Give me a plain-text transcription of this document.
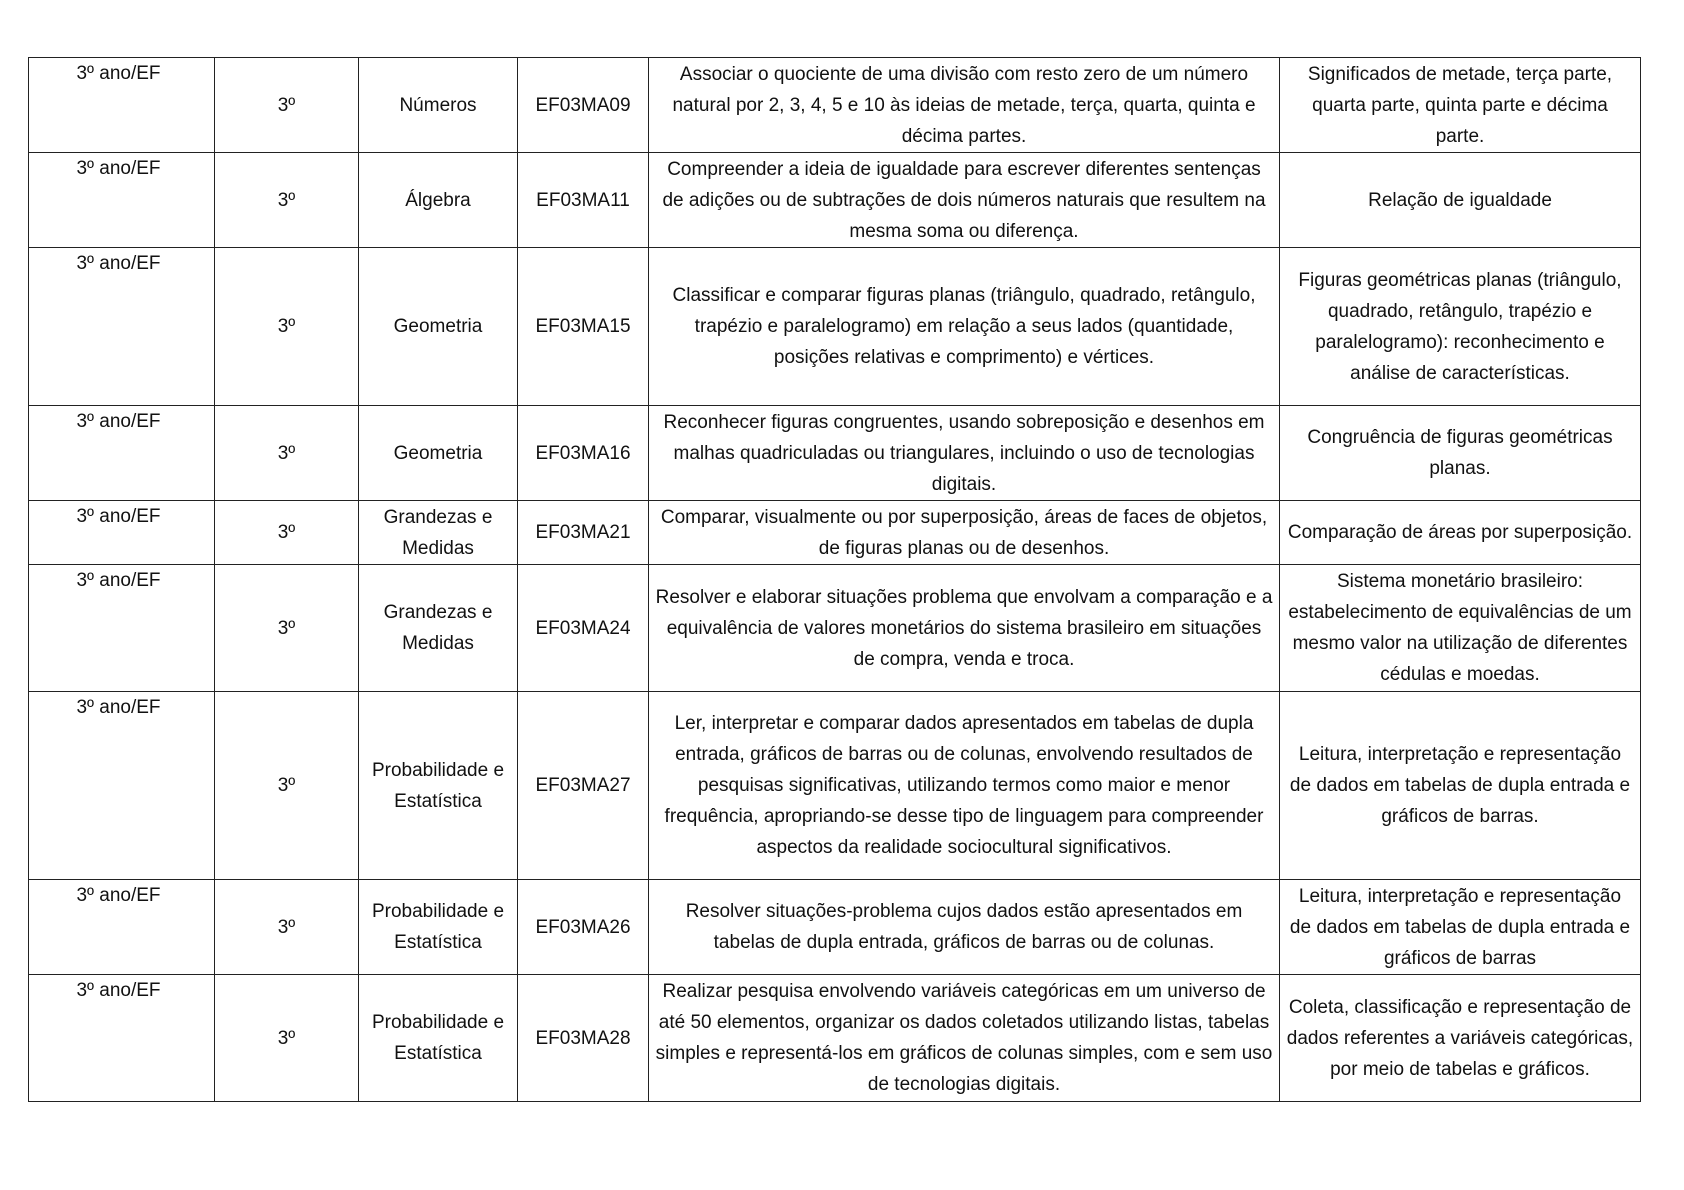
3º ano/EF	3º	Números	EF03MA09	Associar o quociente de uma divisão com resto zero de um número natural por 2, 3, 4, 5 e 10 às ideias de metade, terça, quarta, quinta e décima partes.	Significados de metade, terça parte, quarta parte, quinta parte e décima parte.
3º ano/EF	3º	Álgebra	EF03MA11	Compreender a ideia de igualdade para escrever diferentes sentenças de adições ou de subtrações de dois números naturais que resultem na mesma soma ou diferença.	Relação de igualdade
3º ano/EF	3º	Geometria	EF03MA15	Classificar e comparar figuras planas (triângulo, quadrado, retângulo, trapézio e paralelogramo) em relação a seus lados (quantidade, posições relativas e comprimento) e vértices.	Figuras geométricas planas (triângulo, quadrado, retângulo, trapézio e paralelogramo): reconhecimento e análise de características.
3º ano/EF	3º	Geometria	EF03MA16	Reconhecer figuras congruentes, usando sobreposição e desenhos em malhas quadriculadas ou triangulares, incluindo o uso de tecnologias digitais.	Congruência de figuras geométricas planas.
3º ano/EF	3º	Grandezas e Medidas	EF03MA21	Comparar, visualmente ou por superposição, áreas de faces de objetos, de figuras planas ou de desenhos.	Comparação de áreas por superposição.
3º ano/EF	3º	Grandezas e Medidas	EF03MA24	Resolver e elaborar situações problema que envolvam a comparação e a equivalência de valores monetários do sistema brasileiro em situações de compra, venda e troca.	Sistema monetário brasileiro: estabelecimento de equivalências de um mesmo valor na utilização de diferentes cédulas e moedas.
3º ano/EF	3º	Probabilidade e Estatística	EF03MA27	Ler, interpretar e comparar dados apresentados em tabelas de dupla entrada, gráficos de barras ou de colunas, envolvendo resultados de pesquisas significativas, utilizando termos como maior e menor frequência, apropriando-se desse tipo de linguagem para compreender aspectos da realidade sociocultural significativos.	Leitura, interpretação e representação de dados em tabelas de dupla entrada e gráficos de barras.
3º ano/EF	3º	Probabilidade e Estatística	EF03MA26	Resolver situações-problema cujos dados estão apresentados em tabelas de dupla entrada, gráficos de barras ou de colunas.	Leitura, interpretação e representação de dados em tabelas de dupla entrada e gráficos de barras
3º ano/EF	3º	Probabilidade e Estatística	EF03MA28	Realizar pesquisa envolvendo variáveis categóricas em um universo de até 50 elementos, organizar os dados coletados utilizando listas, tabelas simples e representá-los em gráficos de colunas simples, com e sem uso de tecnologias digitais.	Coleta, classificação e representação de dados referentes a variáveis categóricas, por meio de tabelas e gráficos.
